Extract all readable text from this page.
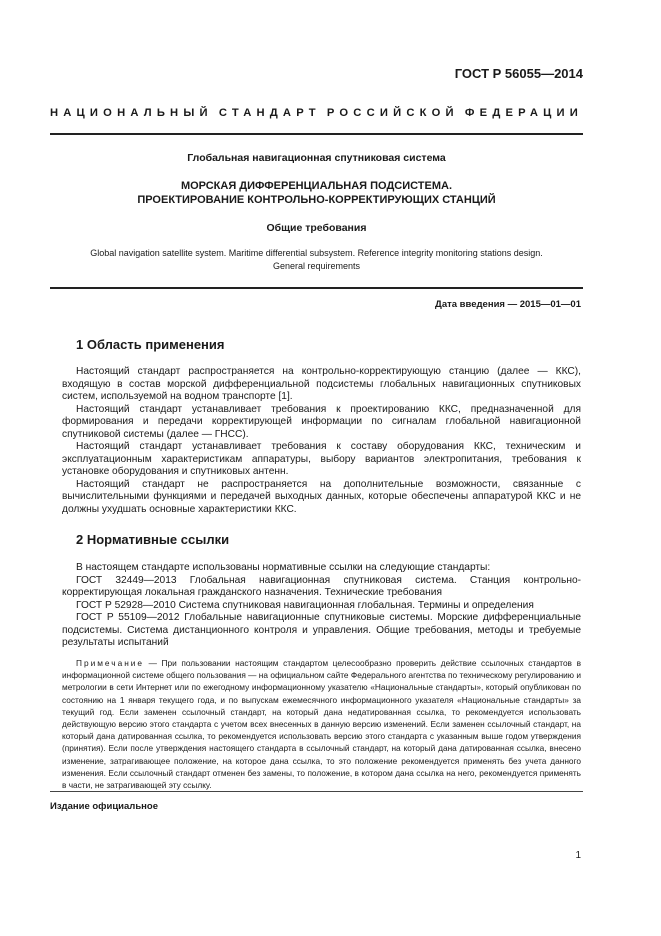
ГОСТ Р 56055—2014
НАЦИОНАЛЬНЫЙ СТАНДАРТ РОССИЙСКОЙ ФЕДЕРАЦИИ
Глобальная навигационная спутниковая система
МОРСКАЯ ДИФФЕРЕНЦИАЛЬНАЯ ПОДСИСТЕМА.
ПРОЕКТИРОВАНИЕ КОНТРОЛЬНО-КОРРЕКТИРУЮЩИХ СТАНЦИЙ
Общие требования
Global navigation satellite system. Maritime differential subsystem. Reference integrity monitoring stations design.
General requirements
Дата введения — 2015—01—01
1 Область применения

Настоящий стандарт распространяется на контрольно-корректирующую станцию (далее — ККС), входящую в состав морской дифференциальной подсистемы глобальных навигационных спутниковых систем, используемой на водном транспорте [1].

Настоящий стандарт устанавливает требования к проектированию ККС, предназначенной для формирования и передачи корректирующей информации по сигналам глобальной навигационной спутниковой системы (далее — ГНСС).

Настоящий стандарт устанавливает требования к составу оборудования ККС, техническим и эксплуатационным характеристикам аппаратуры, выбору вариантов электропитания, требования к установке оборудования и спутниковых антенн.

Настоящий стандарт не распространяется на дополнительные возможности, связанные с вычислительными функциями и передачей выходных данных, которые обеспечены аппаратурой ККС и не должны ухудшать основные характеристики ККС.

2 Нормативные ссылки

В настоящем стандарте использованы нормативные ссылки на следующие стандарты:

ГОСТ 32449—2013 Глобальная навигационная спутниковая система. Станция контрольно-корректирующая локальная гражданского назначения. Технические требования

ГОСТ Р 52928—2010 Система спутниковая навигационная глобальная. Термины и определения

ГОСТ Р 55109—2012 Глобальные навигационные спутниковые системы. Морские дифференциальные подсистемы. Система дистанционного контроля и управления. Общие требования, методы и требуемые результаты испытаний

Примечание — При пользовании настоящим стандартом целесообразно проверить действие ссылочных стандартов в информационной системе общего пользования — на официальном сайте Федерального агентства по техническому регулированию и метрологии в сети Интернет или по ежегодному информационному указателю «Национальные стандарты», который опубликован по состоянию на 1 января текущего года, и по выпускам ежемесячного информационного указателя «Национальные стандарты» за текущий год. Если заменен ссылочный стандарт, на который дана недатированная ссылка, то рекомендуется использовать действующую версию этого стандарта с учетом всех внесенных в данную версию изменений. Если заменен ссылочный стандарт, на который дана датированная ссылка, то рекомендуется использовать версию этого стандарта с указанным выше годом утверждения (принятия). Если после утверждения настоящего стандарта в ссылочный стандарт, на который дана датированная ссылка, внесено изменение, затрагивающее положение, на которое дана ссылка, то это положение рекомендуется применять без учета данного изменения. Если ссылочный стандарт отменен без замены, то положение, в котором дана ссылка на него, рекомендуется применять в части, не затрагивающей эту ссылку.

Издание официальное
1
